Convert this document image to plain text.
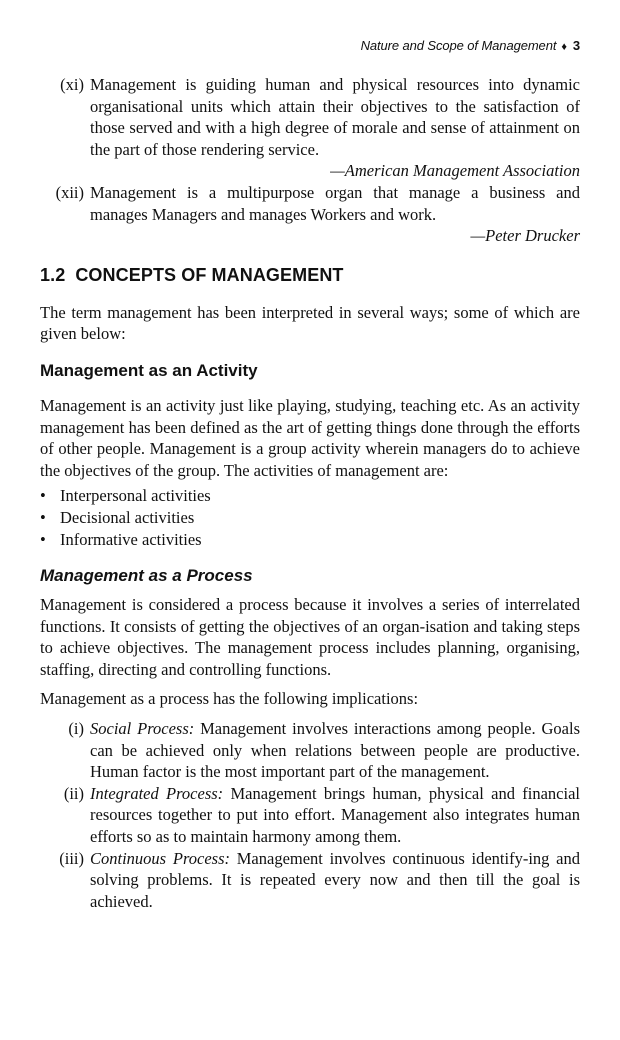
Nature and Scope of Management ♦ 3
(xi) Management is guiding human and physical resources into dynamic organisational units which attain their objectives to the satisfaction of those served and with a high degree of morale and sense of attainment on the part of those rendering service.
—American Management Association
(xii) Management is a multipurpose organ that manage a business and manages Managers and manages Workers and work.
—Peter Drucker
1.2 CONCEPTS OF MANAGEMENT

The term management has been interpreted in several ways; some of which are given below:

Management as an Activity

Management is an activity just like playing, studying, teaching etc. As an activity management has been defined as the art of getting things done through the efforts of other people. Management is a group activity wherein managers do to achieve the objectives of the group. The activities of management are:

• Interpersonal activities
• Decisional activities
• Informative activities
Management as a Process

Management is considered a process because it involves a series of interrelated functions. It consists of getting the objectives of an organ-isation and taking steps to achieve objectives. The management process includes planning, organising, staffing, directing and controlling functions.

Management as a process has the following implications:

(i) Social Process: Management involves interactions among people. Goals can be achieved only when relations between people are productive. Human factor is the most important part of the management.
(ii) Integrated Process: Management brings human, physical and financial resources together to put into effort. Management also integrates human efforts so as to maintain harmony among them.
(iii) Continuous Process: Management involves continuous identify-ing and solving problems. It is repeated every now and then till the goal is achieved.
